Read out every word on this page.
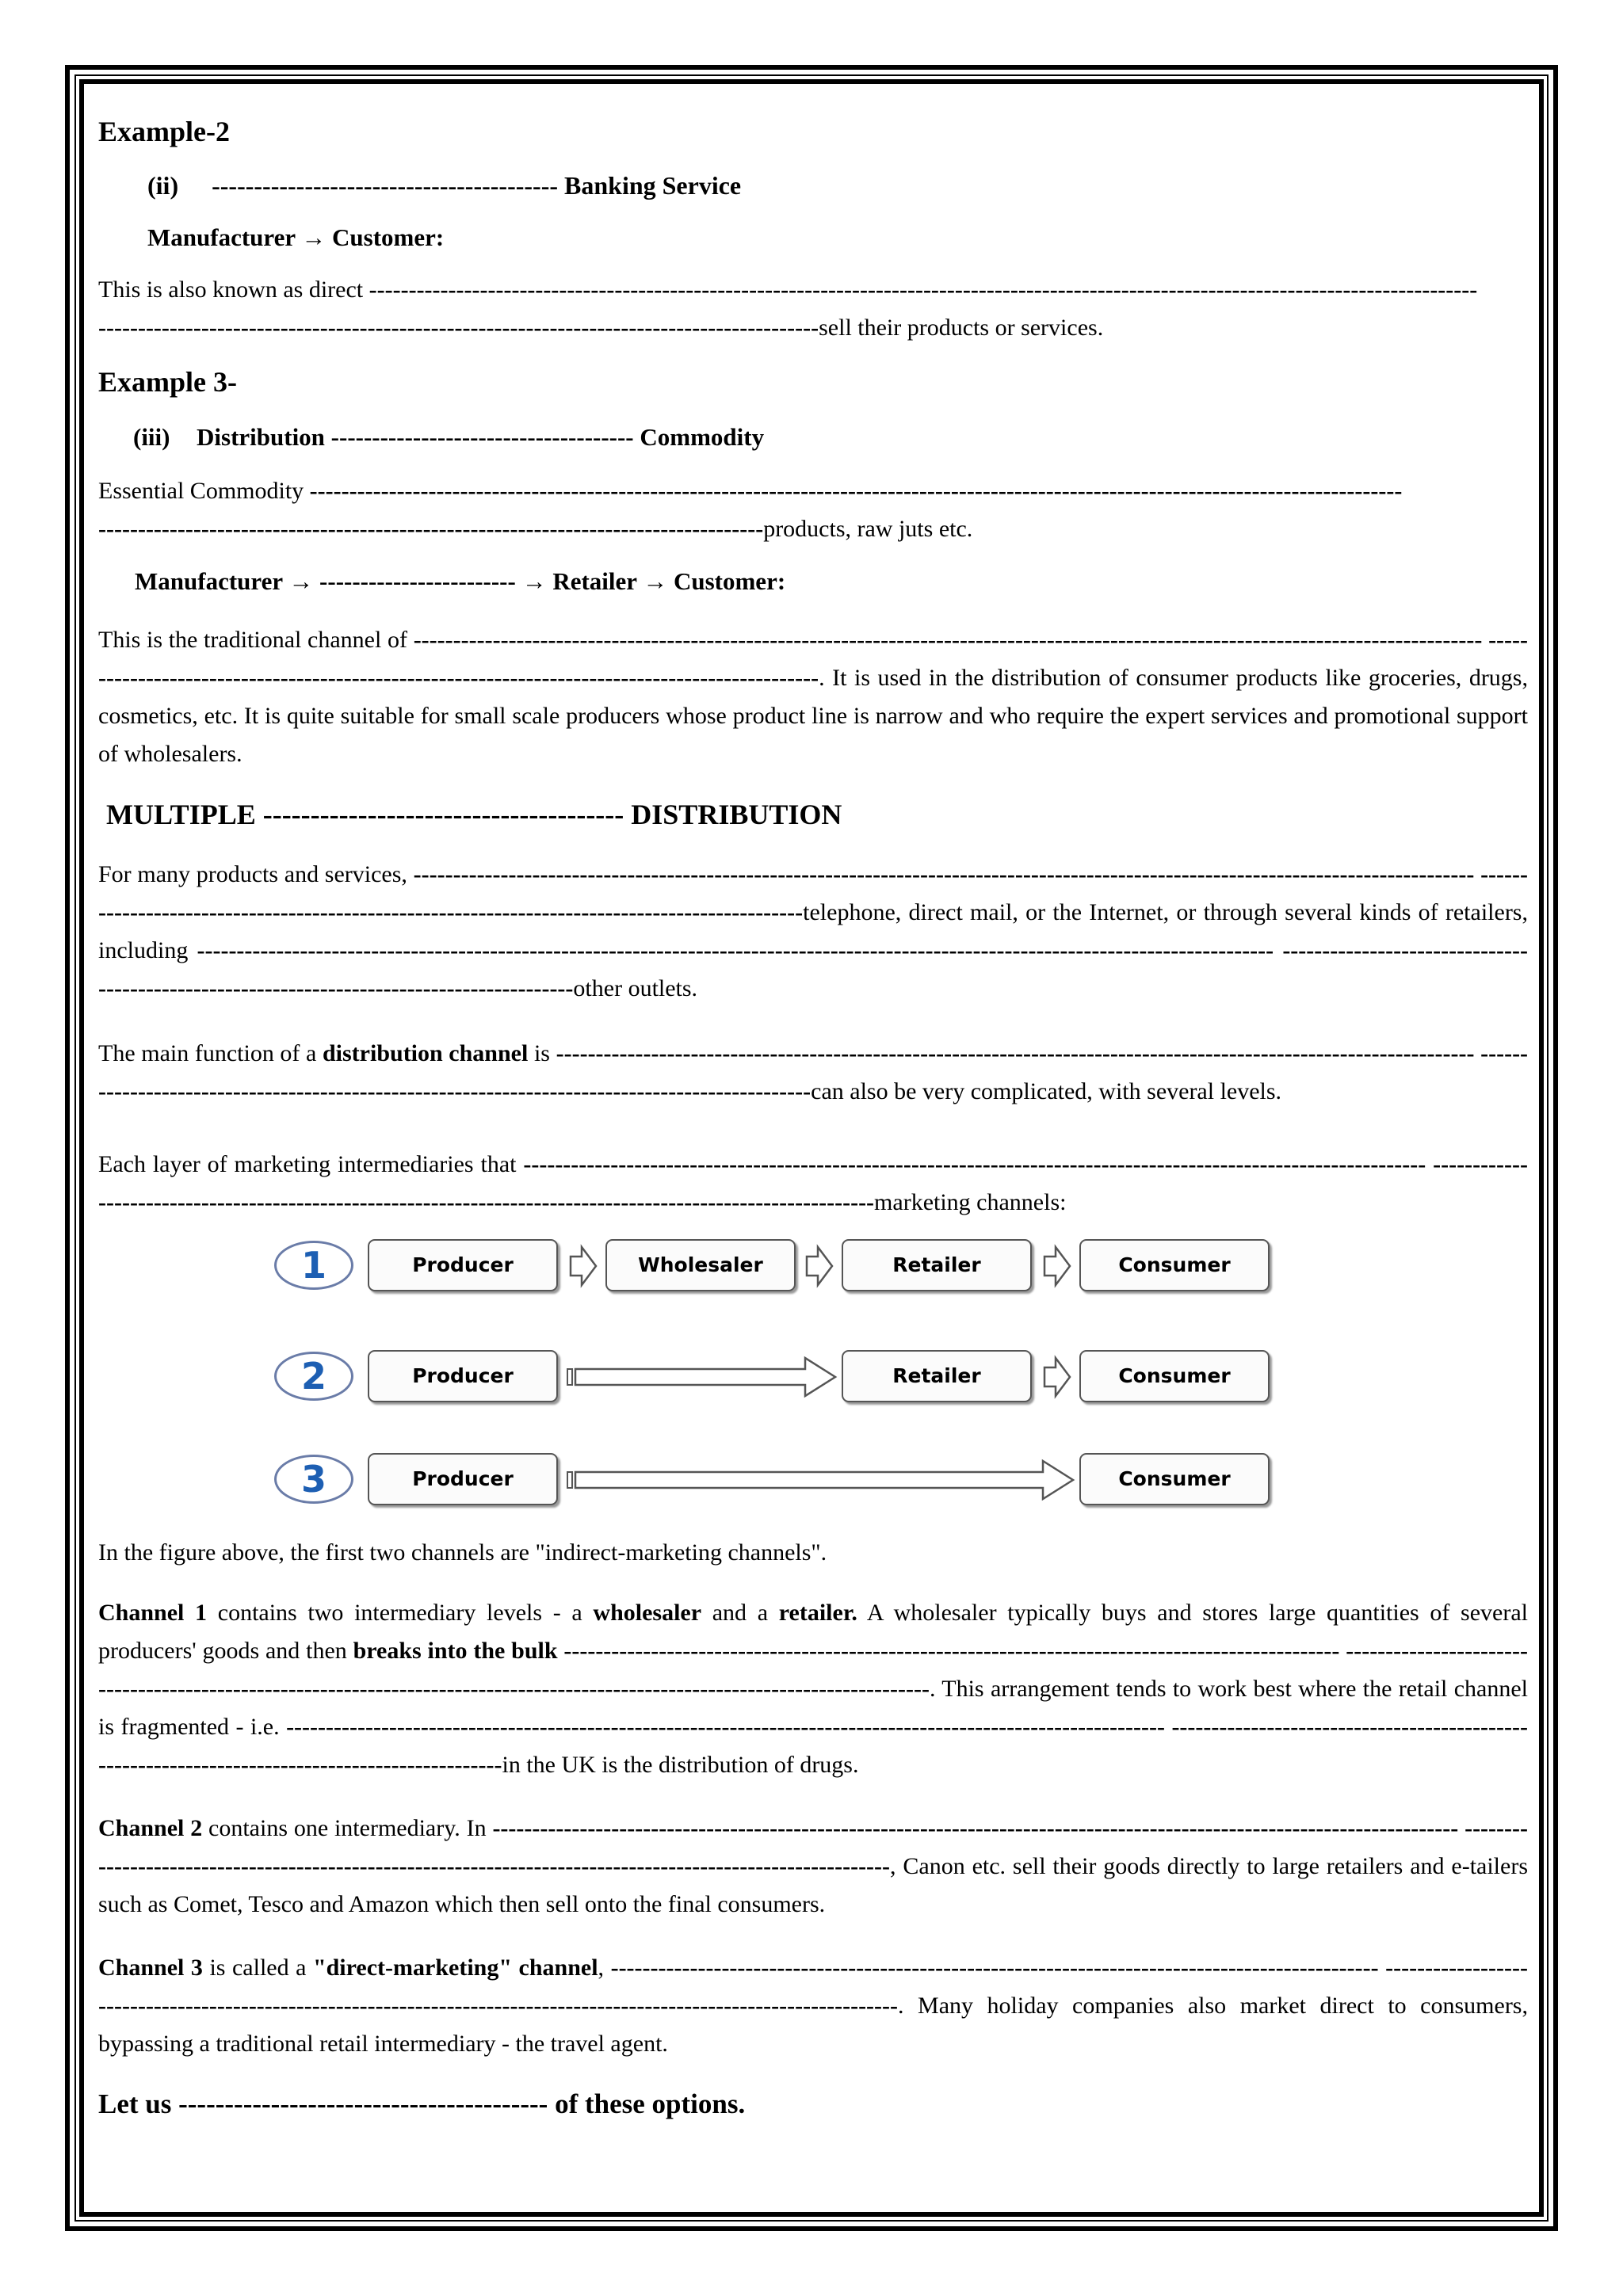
Example-2
(ii) ----------------------------------------- Banking Service
Manufacturer → Customer:
This is also known as direct --------------------------------------------------------------------------------------------------------------------------------------------
-------------------------------------------------------------------------------------------sell their products or services.
Example 3-
(iii) Distribution ------------------------------------- Commodity
Essential Commodity ------------------------------------------------------------------------------------------------------------------------------------------
------------------------------------------------------------------------------------products, raw juts etc.
Manufacturer → ------------------------ → Retailer → Customer:
This is the traditional channel of --------------------------------------------------------------------------------------------------------------------------------------- ------------------------------------------------------------------------------------------------. It is used in the distribution of consumer products like groceries, drugs, cosmetics, etc. It is quite suitable for small scale producers whose product line is narrow and who require the expert services and promotional support of wholesalers.
MULTIPLE -------------------------------------- DISTRIBUTION
For many products and services, -------------------------------------------------------------------------------------------------------------------------------------- -----------------------------------------------------------------------------------------------telephone, direct mail, or the Internet, or through several kinds of retailers, including ---------------------------------------------------------------------------------------------------------------------------------------- -------------------------------------------------------------------------------------------other outlets.
The main function of a distribution channel is -------------------------------------------------------------------------------------------------------------------- ------------------------------------------------------------------------------------------------can also be very complicated, with several levels.
Each layer of marketing intermediaries that ------------------------------------------------------------------------------------------------------------------ --------------------------------------------------------------------------------------------------------------marketing channels:
1	Producer	Wholesaler	Retailer	Consumer
2	Producer	Retailer	Consumer
3	Producer	Consumer
In the figure above, the first two channels are "indirect-marketing channels".
Channel 1 contains two intermediary levels - a wholesaler and a retailer. A wholesaler typically buys and stores large quantities of several producers' goods and then breaks into the bulk -------------------------------------------------------------------------------------------------- --------------------------------------------------------------------------------------------------------------------------------. This arrangement tends to work best where the retail channel is fragmented - i.e. --------------------------------------------------------------------------------------------------------------- ------------------------------------------------------------------------------------------------in the UK is the distribution of drugs.
Channel 2 contains one intermediary. In -------------------------------------------------------------------------------------------------------------------------- ------------------------------------------------------------------------------------------------------------, Canon etc. sell their goods directly to large retailers and e-tailers such as Comet, Tesco and Amazon which then sell onto the final consumers.
Channel 3 is called a "direct-marketing" channel, ------------------------------------------------------------------------------------------------- -----------------------------------------------------------------------------------------------------------------------. Many holiday companies also market direct to consumers, bypassing a traditional retail intermediary - the travel agent.
Let us ---------------------------------------- of these options.
